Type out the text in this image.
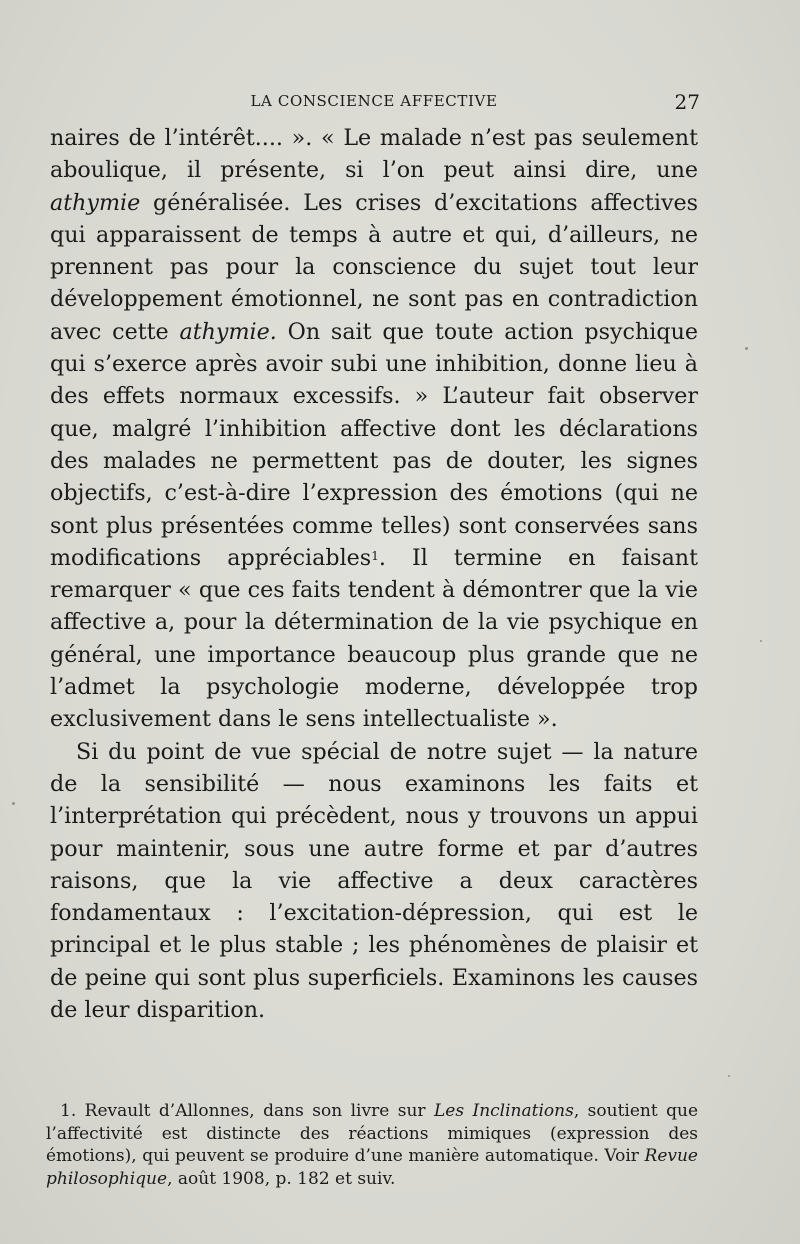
LA CONSCIENCE AFFECTIVE	27

naires de l’intérêt.... ». « Le malade n’est pas seulement aboulique, il présente, si l’on peut ainsi dire, une athymie généralisée. Les crises d’excitations affectives qui apparaissent de temps à autre et qui, d’ailleurs, ne prennent pas pour la conscience du sujet tout leur développement émotionnel, ne sont pas en contradiction avec cette athymie. On sait que toute action psychique qui s’exerce après avoir subi une inhibition, donne lieu à des effets normaux excessifs. » L’auteur fait observer que, malgré l’inhibition affective dont les déclarations des malades ne permettent pas de douter, les signes objectifs, c’est-à-dire l’expression des émotions (qui ne sont plus présentées comme telles) sont conservées sans modifications appréciables$^1$. Il termine en faisant remarquer « que ces faits tendent à démontrer que la vie affective a, pour la détermination de la vie psychique en général, une importance beaucoup plus grande que ne l’admet la psychologie moderne, développée trop exclusivement dans le sens intellectualiste ».

Si du point de vue spécial de notre sujet — la nature de la sensibilité — nous examinons les faits et l’interprétation qui précèdent, nous y trouvons un appui pour maintenir, sous une autre forme et par d’autres raisons, que la vie affective a deux caractères fondamentaux : l’excitation-dépression, qui est le principal et le plus stable ; les phénomènes de plaisir et de peine qui sont plus superficiels. Examinons les causes de leur disparition.

1. Revault d’Allonnes, dans son livre sur Les Inclinations, soutient que l’affectivité est distincte des réactions mimiques (expression des émotions), qui peuvent se produire d’une manière automatique. Voir Revue philosophique, août 1908, p. 182 et suiv.
